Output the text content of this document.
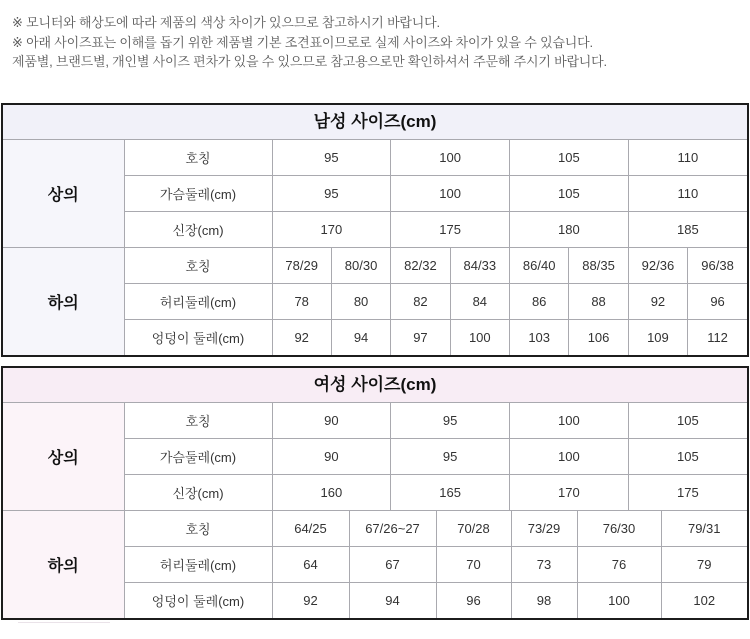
※ 모니터와 해상도에 따라 제품의 색상 차이가 있으므로 참고하시기 바랍니다.
※ 아래 사이즈표는 이해를 돕기 위한 제품별 기본 조견표이므로로 실제 사이즈와 차이가 있을 수 있습니다.
제품별, 브랜드별, 개인별 사이즈 편차가 있을 수 있으므로 참고용으로만 확인하셔서 주문해 주시기 바랍니다.
남성 사이즈(cm)
상의	호칭	95	100	105	110
	가슴둘레(cm)	95	100	105	110
	신장(cm)	170	175	180	185
하의	호칭	78/29	80/30	82/32	84/33	86/40	88/35	92/36	96/38
	허리둘레(cm)	78	80	82	84	86	88	92	96
	엉덩이 둘레(cm)	92	94	97	100	103	106	109	112
여성 사이즈(cm)
상의	호칭	90	95	100	105
	가슴둘레(cm)	90	95	100	105
	신장(cm)	160	165	170	175
하의	호칭	64/25	67/26~27	70/28	73/29	76/30	79/31
	허리둘레(cm)	64	67	70	73	76	79
	엉덩이 둘레(cm)	92	94	96	98	100	102
